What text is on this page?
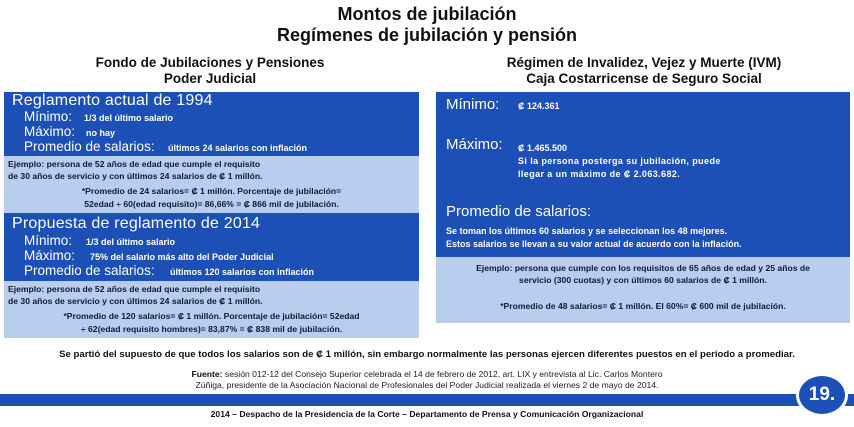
Montos de jubilación
Regímenes de jubilación y pensión
Fondo de Jubilaciones y Pensiones
Poder Judicial
Régimen de Invalidez, Vejez y Muerte (IVM)
Caja Costarricense de Seguro Social
Reglamento actual de 1994
Mínimo: 1/3 del último salario
Máximo: no hay
Promedio de salarios: últimos 24 salarios con inflación
Ejemplo: persona de 52 años de edad que cumple el requisito
de 30 años de servicio y con últimos 24 salarios de ₡ 1 millón.
*Promedio de 24 salarios= ₡ 1 millón. Porcentaje de jubilación=
52edad ÷ 60(edad requisito)= 86,66% = ₡ 866 mil de jubilación.
Propuesta de reglamento de 2014
Mínimo: 1/3 del último salario
Máximo: 75% del salario más alto del Poder Judicial
Promedio de salarios: últimos 120 salarios con inflación
Ejemplo: persona de 52 años de edad que cumple el requisito
de 30 años de servicio y con últimos 24 salarios de ₡ 1 millón.
*Promedio de 120 salarios= ₡ 1 millón. Porcentaje de jubilación= 52edad
÷ 62(edad requisito hombres)= 83,87% = ₡ 838 mil de jubilación.
Mínimo: ₡ 124.361
Máximo: ₡ 1.465.500
Si la persona posterga su jubilación, puede
llegar a un máximo de ₡ 2.063.682.
Promedio de salarios:
Se toman los últimos 60 salarios y se seleccionan los 48 mejores.
Estos salarios se llevan a su valor actual de acuerdo con la inflación.
Ejemplo: persona que cumple con los requisitos de 65 años de edad y 25 años de
servicio (300 cuotas) y con últimos 60 salarios de ₡ 1 millón.
*Promedio de 48 salarios= ₡ 1 millón. El 60%= ₡ 600 mil de jubilación.
Se partió del supuesto de que todos los salarios son de ₡ 1 millón, sin embargo normalmente las personas ejercen diferentes puestos en el periodo a promediar.
Fuente: sesión 012-12 del Consejo Superior celebrada el 14 de febrero de 2012, art. LIX y entrevista al Lic. Carlos Montero
Zúñiga, presidente de la Asociación Nacional de Profesionales del Poder Judicial realizada el viernes 2 de mayo de 2014.
2014 – Despacho de la Presidencia de la Corte – Departamento de Prensa y Comunicación Organizacional
19.
